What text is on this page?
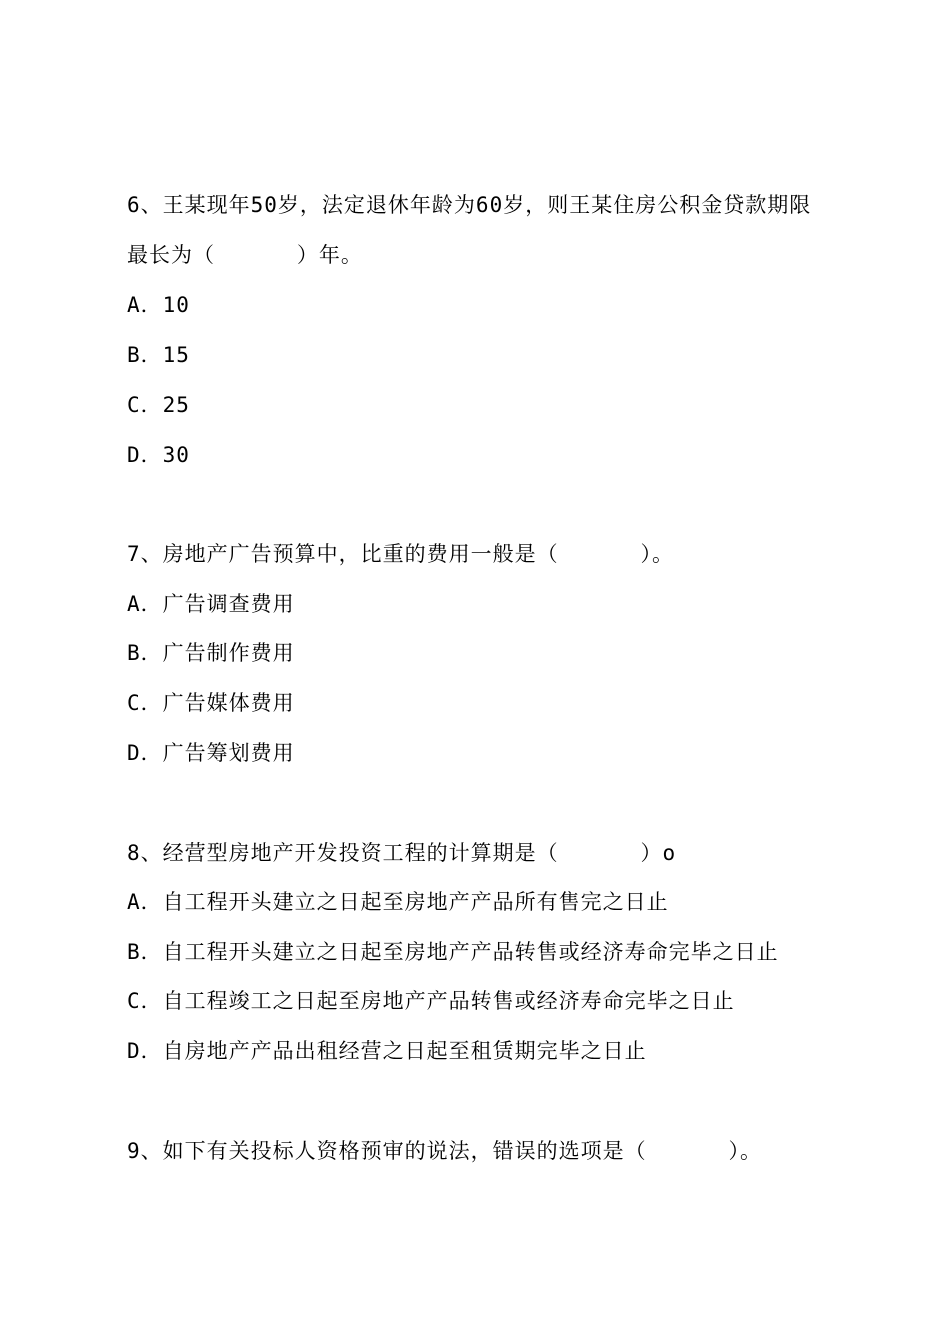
6、王某现年50岁，法定退休年龄为60岁，则王某住房公积金贷款期限
最长为（      ）年。
A．10
B．15
C．25
D．30
7、房地产广告预算中，比重的费用一般是（      ）。
A．广告调查费用
B．广告制作费用
C．广告媒体费用
D．广告筹划费用
8、经营型房地产开发投资工程的计算期是（      ）o
A．自工程开头建立之日起至房地产产品所有售完之日止
B．自工程开头建立之日起至房地产产品转售或经济寿命完毕之日止
C．自工程竣工之日起至房地产产品转售或经济寿命完毕之日止
D．自房地产产品出租经营之日起至租赁期完毕之日止
9、如下有关投标人资格预审的说法，错误的选项是（      ）。
